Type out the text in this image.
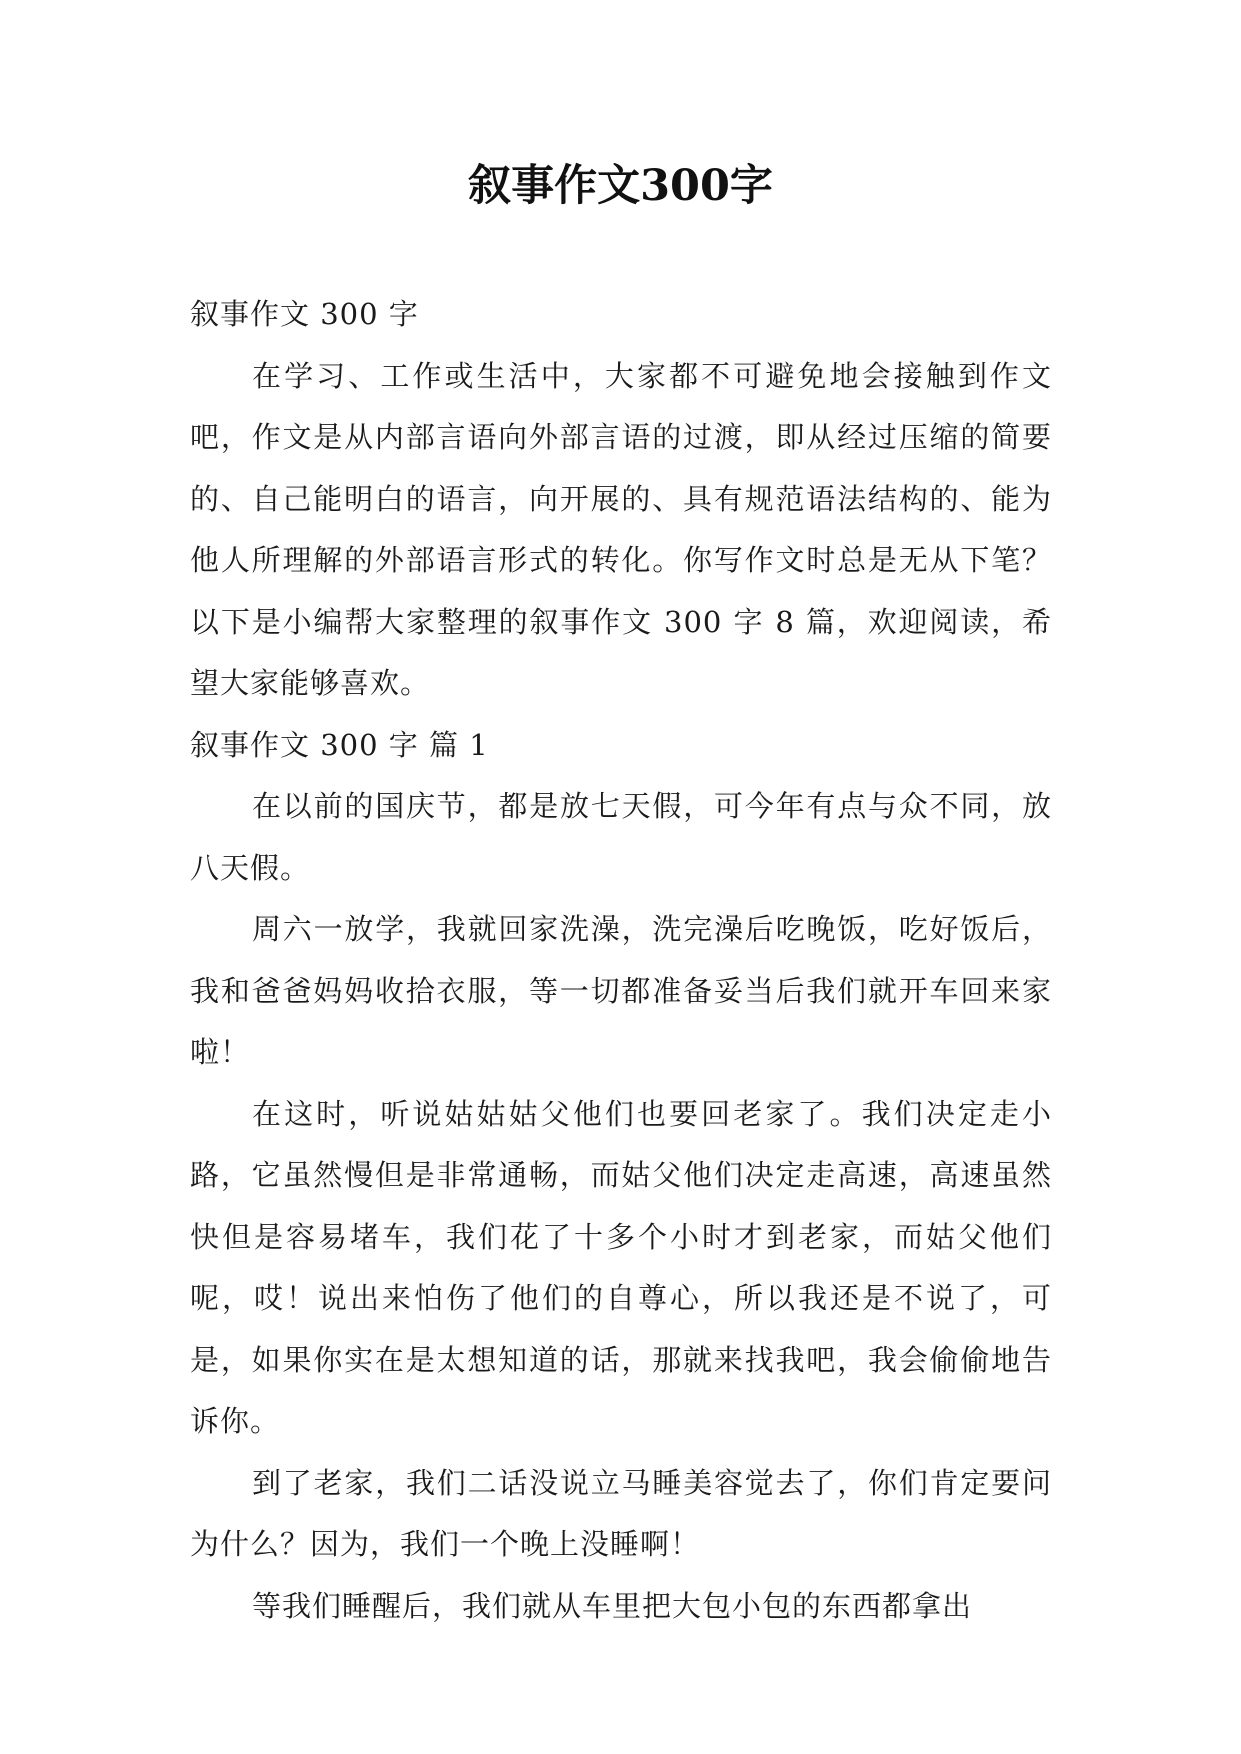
叙事作文300字

叙事作文 300 字

在学习、工作或生活中，大家都不可避免地会接触到作文吧，作文是从内部言语向外部言语的过渡，即从经过压缩的简要的、自己能明白的语言，向开展的、具有规范语法结构的、能为他人所理解的外部语言形式的转化。你写作文时总是无从下笔？以下是小编帮大家整理的叙事作文 300 字 8 篇，欢迎阅读，希望大家能够喜欢。

叙事作文 300 字 篇 1

在以前的国庆节，都是放七天假，可今年有点与众不同，放八天假。

周六一放学，我就回家洗澡，洗完澡后吃晚饭，吃好饭后，我和爸爸妈妈收拾衣服，等一切都准备妥当后我们就开车回来家啦！

在这时，听说姑姑姑父他们也要回老家了。我们决定走小路，它虽然慢但是非常通畅，而姑父他们决定走高速，高速虽然快但是容易堵车，我们花了十多个小时才到老家，而姑父他们呢，哎！说出来怕伤了他们的自尊心，所以我还是不说了，可是，如果你实在是太想知道的话，那就来找我吧，我会偷偷地告诉你。

到了老家，我们二话没说立马睡美容觉去了，你们肯定要问为什么？因为，我们一个晚上没睡啊！

等我们睡醒后，我们就从车里把大包小包的东西都拿出
